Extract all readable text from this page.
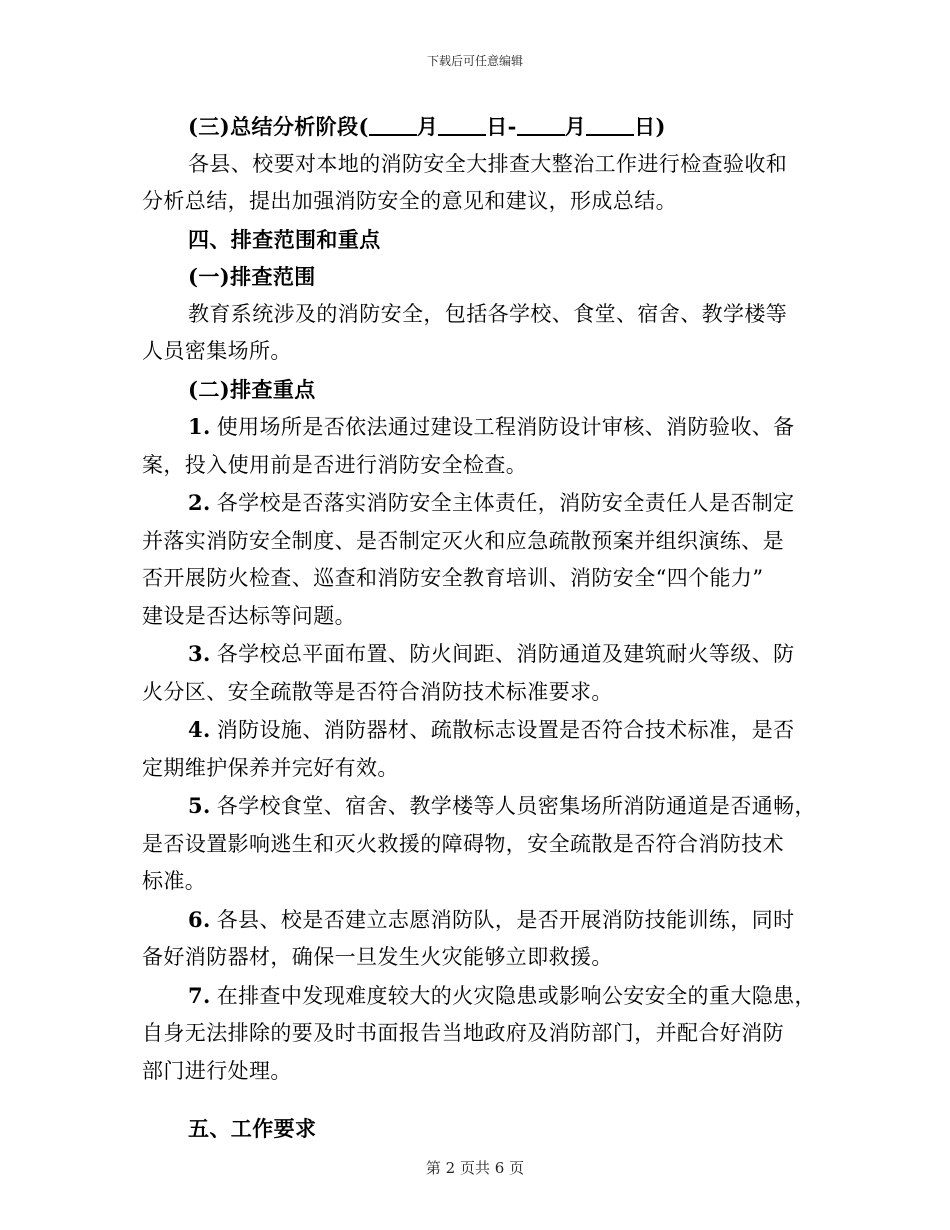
下载后可任意编辑
(三)总结分析阶段( 月 日- 月 日)
各县、校要对本地的消防安全大排查大整治工作进行检查验收和
分析总结，提出加强消防安全的意见和建议，形成总结。
四、排查范围和重点
(一)排查范围
教育系统涉及的消防安全，包括各学校、食堂、宿舍、教学楼等
人员密集场所。
(二)排查重点
1. 使用场所是否依法通过建设工程消防设计审核、消防验收、备
案，投入使用前是否进行消防安全检查。
2. 各学校是否落实消防安全主体责任，消防安全责任人是否制定
并落实消防安全制度、是否制定灭火和应急疏散预案并组织演练、是
否开展防火检查、巡查和消防安全教育培训、消防安全“四个能力”
建设是否达标等问题。
3. 各学校总平面布置、防火间距、消防通道及建筑耐火等级、防
火分区、安全疏散等是否符合消防技术标准要求。
4. 消防设施、消防器材、疏散标志设置是否符合技术标准，是否
定期维护保养并完好有效。
5. 各学校食堂、宿舍、教学楼等人员密集场所消防通道是否通畅，
是否设置影响逃生和灭火救援的障碍物，安全疏散是否符合消防技术
标准。
6. 各县、校是否建立志愿消防队，是否开展消防技能训练，同时
备好消防器材，确保一旦发生火灾能够立即救援。
7. 在排查中发现难度较大的火灾隐患或影响公安安全的重大隐患，
自身无法排除的要及时书面报告当地政府及消防部门，并配合好消防
部门进行处理。
五、工作要求
第 2 页共 6 页
